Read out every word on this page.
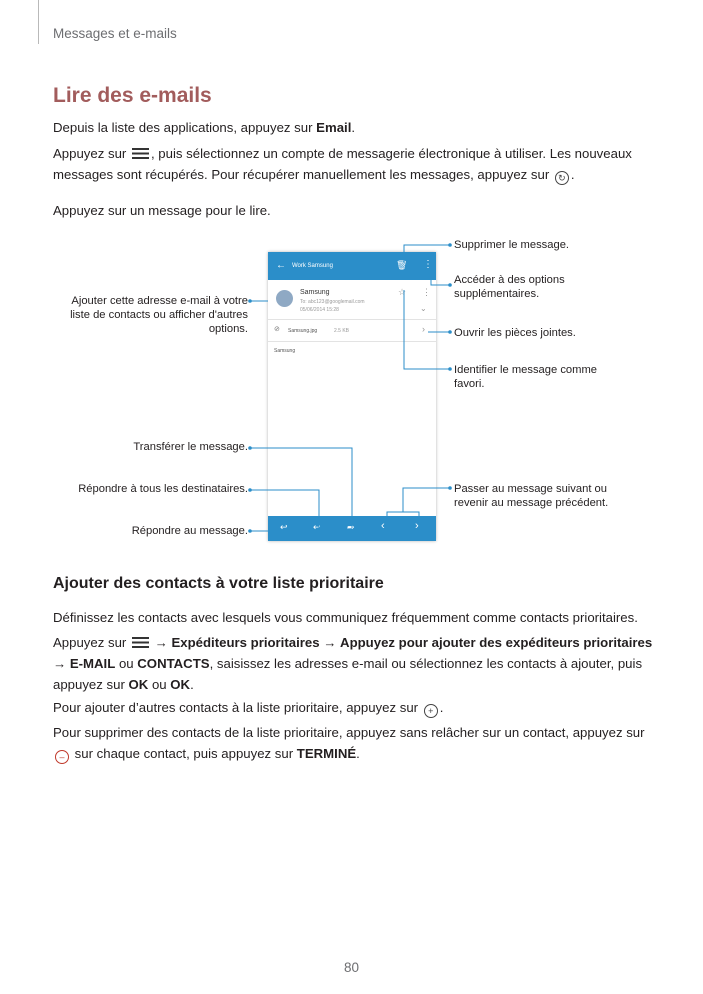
Messages et e-mails
Lire des e-mails

Depuis la liste des applications, appuyez sur Email.

Appuyez sur , puis sélectionnez un compte de messagerie électronique à utiliser. Les nouveaux messages sont récupérés. Pour récupérer manuellement les messages, appuyez sur ↻ .

Appuyez sur un message pour le lire.

← Work Samsung	🗑 ⋮
Samsung
To: abc123@googlemail.com
05/06/2014 15:28
☆ ⋮
⌄
⊘ Samsung.jpg	2.5 KB	›
Samsung
↩	↩	➦ ‹	›
Supprimer le message.
Accéder à des options supplémentaires.
Ouvrir les pièces jointes.
Identifier le message comme favori.
Ajouter cette adresse e-mail à votre liste de contacts ou afficher d'autres options.
Transférer le message.
Répondre à tous les destinataires.
Répondre au message.
Passer au message suivant ou revenir au message précédent.
Ajouter des contacts à votre liste prioritaire

Définissez les contacts avec lesquels vous communiquez fréquemment comme contacts prioritaires.

Appuyez sur  → Expéditeurs prioritaires → Appuyez pour ajouter des expéditeurs prioritaires → E-MAIL ou CONTACTS, saisissez les adresses e-mail ou sélectionnez les contacts à ajouter, puis appuyez sur OK ou OK.

Pour ajouter d’autres contacts à la liste prioritaire, appuyez sur + .

Pour supprimer des contacts de la liste prioritaire, appuyez sans relâcher sur un contact, appuyez sur – sur chaque contact, puis appuyez sur TERMINÉ.

80
